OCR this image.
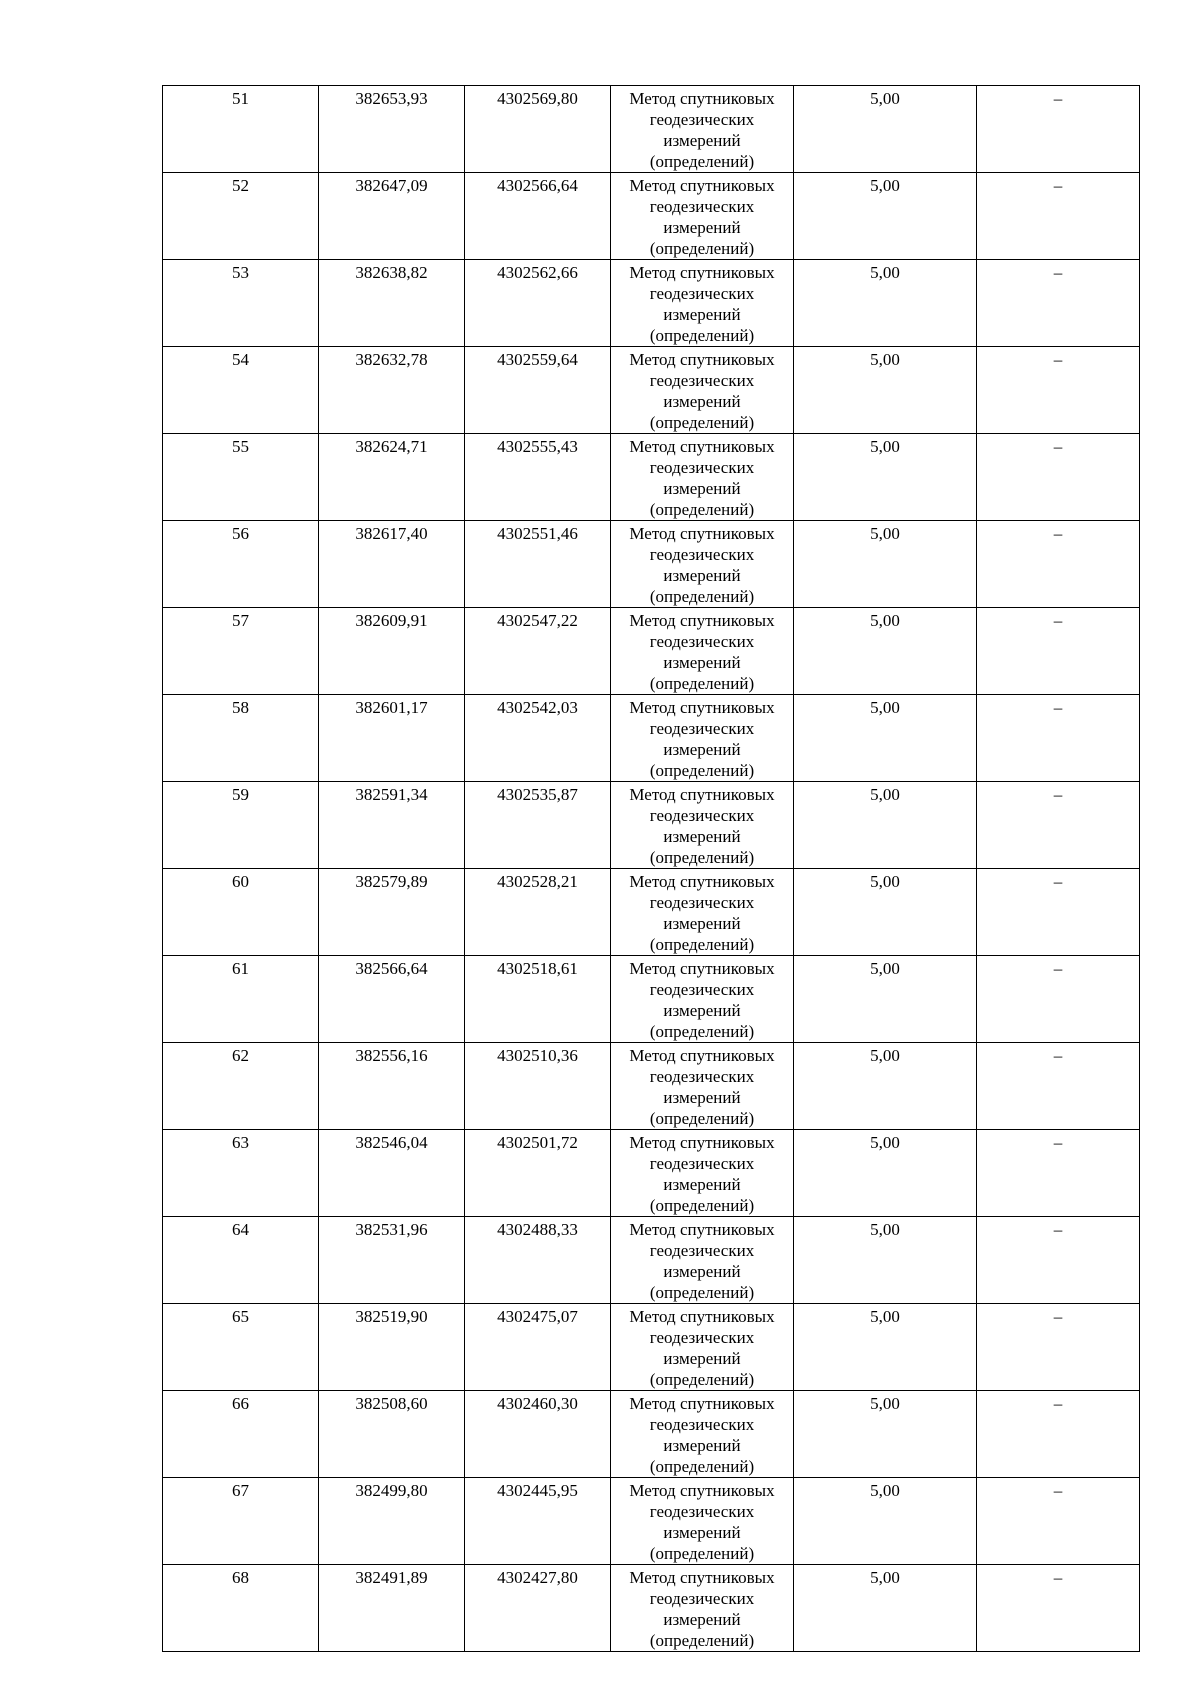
51	382653,93	4302569,80	Метод спутниковых
геодезических
измерений
(определений)	5,00	–
52	382647,09	4302566,64	Метод спутниковых
геодезических
измерений
(определений)	5,00	–
53	382638,82	4302562,66	Метод спутниковых
геодезических
измерений
(определений)	5,00	–
54	382632,78	4302559,64	Метод спутниковых
геодезических
измерений
(определений)	5,00	–
55	382624,71	4302555,43	Метод спутниковых
геодезических
измерений
(определений)	5,00	–
56	382617,40	4302551,46	Метод спутниковых
геодезических
измерений
(определений)	5,00	–
57	382609,91	4302547,22	Метод спутниковых
геодезических
измерений
(определений)	5,00	–
58	382601,17	4302542,03	Метод спутниковых
геодезических
измерений
(определений)	5,00	–
59	382591,34	4302535,87	Метод спутниковых
геодезических
измерений
(определений)	5,00	–
60	382579,89	4302528,21	Метод спутниковых
геодезических
измерений
(определений)	5,00	–
61	382566,64	4302518,61	Метод спутниковых
геодезических
измерений
(определений)	5,00	–
62	382556,16	4302510,36	Метод спутниковых
геодезических
измерений
(определений)	5,00	–
63	382546,04	4302501,72	Метод спутниковых
геодезических
измерений
(определений)	5,00	–
64	382531,96	4302488,33	Метод спутниковых
геодезических
измерений
(определений)	5,00	–
65	382519,90	4302475,07	Метод спутниковых
геодезических
измерений
(определений)	5,00	–
66	382508,60	4302460,30	Метод спутниковых
геодезических
измерений
(определений)	5,00	–
67	382499,80	4302445,95	Метод спутниковых
геодезических
измерений
(определений)	5,00	–
68	382491,89	4302427,80	Метод спутниковых
геодезических
измерений
(определений)	5,00	–
